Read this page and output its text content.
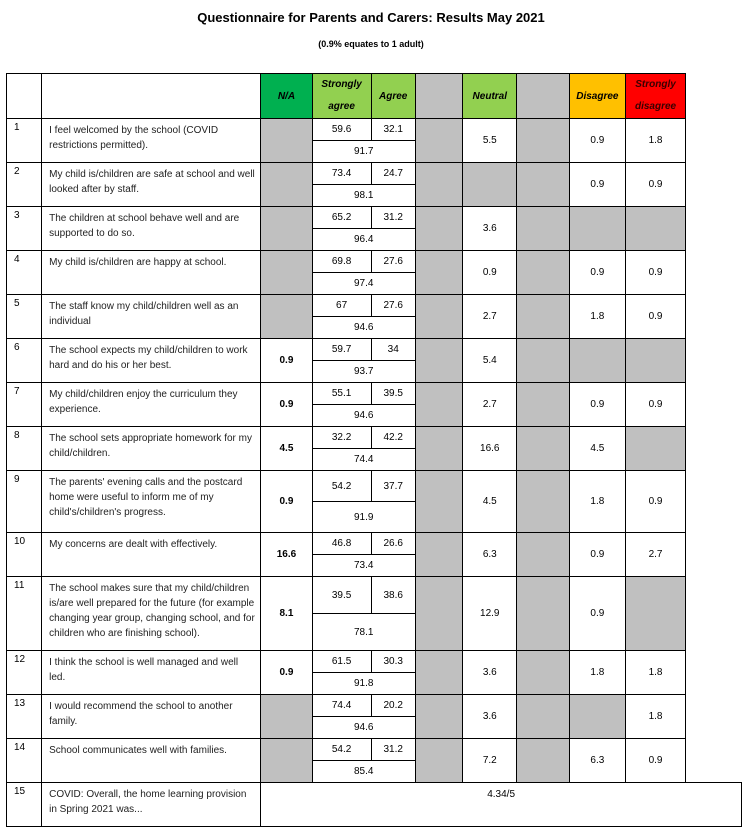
Questionnaire for Parents and Carers: Results May 2021
(0.9% equates to 1 adult)
		N/A	Strongly agree	Agree		Neutral		Disagree	Strongly disagree
1	I feel welcomed by the school (COVID restrictions permitted).		59.6	32.1		5.5		0.9	1.8
			91.7						
2	My child is/children are safe at school and well looked after by staff.		73.4	24.7				0.9	0.9
			98.1						
3	The children at school behave well and are supported to do so.		65.2	31.2		3.6			
			96.4						
4	My child is/children are happy at school.		69.8	27.6		0.9		0.9	0.9
			97.4						
5	The staff know my child/children well as an individual		67	27.6		2.7		1.8	0.9
			94.6						
6	The school expects my child/children to work hard and do his or her best.	0.9	59.7	34		5.4			
			93.7						
7	My child/children enjoy the curriculum they experience.	0.9	55.1	39.5		2.7		0.9	0.9
			94.6						
8	The school sets appropriate homework for my child/children.	4.5	32.2	42.2		16.6		4.5	
			74.4						
9	The parents' evening calls and the postcard home were useful to inform me of my child's/children's progress.	0.9	54.2	37.7		4.5		1.8	0.9
			91.9						
10	My concerns are dealt with effectively.	16.6	46.8	26.6		6.3		0.9	2.7
			73.4						
11	The school makes sure that my child/children is/are well prepared for the future (for example changing year group, changing school, and for children who are finishing school).	8.1	39.5	38.6		12.9		0.9	
			78.1						
12	I think the school is well managed and well led.	0.9	61.5	30.3		3.6		1.8	1.8
			91.8						
13	I would recommend the school to another family.		74.4	20.2		3.6			1.8
			94.6						
14	School communicates well with families.		54.2	31.2		7.2		6.3	0.9
			85.4						
15	COVID: Overall, the home learning provision in Spring 2021 was...	4.34/5							
